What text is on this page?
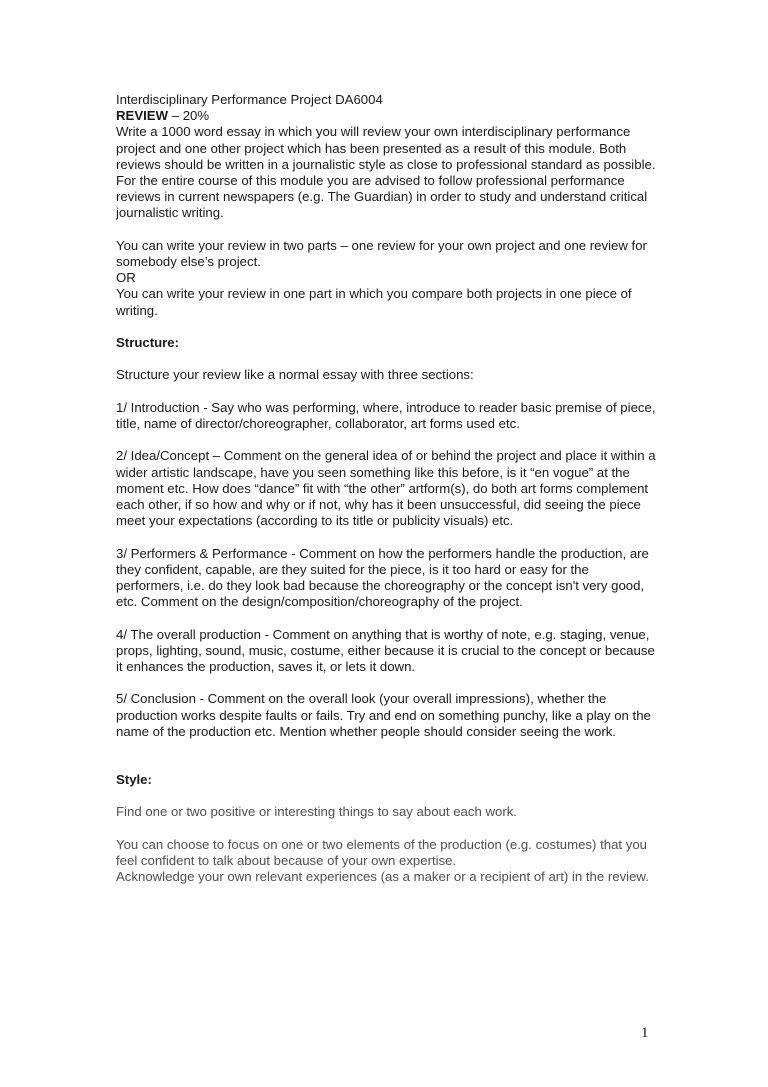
Interdisciplinary Performance Project DA6004

REVIEW – 20%

Write a 1000 word essay in which you will review your own interdisciplinary performance project and one other project which has been presented as a result of this module. Both reviews should be written in a journalistic style as close to professional standard as possible. For the entire course of this module you are advised to follow professional performance reviews in current newspapers (e.g. The Guardian) in order to study and understand critical journalistic writing.

You can write your review in two parts – one review for your own project and one review for somebody else’s project.

OR

You can write your review in one part in which you compare both projects in one piece of writing.

Structure:

Structure your review like a normal essay with three sections:

1/ Introduction - Say who was performing, where, introduce to reader basic premise of piece, title, name of director/choreographer, collaborator, art forms used etc.

2/ Idea/Concept – Comment on the general idea of or behind the project and place it within a wider artistic landscape, have you seen something like this before, is it “en vogue” at the moment etc. How does “dance” fit with “the other” artform(s), do both art forms complement each other, if so how and why or if not, why has it been unsuccessful, did seeing the piece meet your expectations (according to its title or publicity visuals) etc.

3/ Performers & Performance - Comment on how the performers handle the production, are they confident, capable, are they suited for the piece, is it too hard or easy for the performers, i.e. do they look bad because the choreography or the concept isn't very good, etc. Comment on the design/composition/choreography of the project.

4/ The overall production - Comment on anything that is worthy of note, e.g. staging, venue, props, lighting, sound, music, costume, either because it is crucial to the concept or because it enhances the production, saves it, or lets it down.

5/ Conclusion - Comment on the overall look (your overall impressions), whether the production works despite faults or fails. Try and end on something punchy, like a play on the name of the production etc. Mention whether people should consider seeing the work.

Style:

Find one or two positive or interesting things to say about each work.

You can choose to focus on one or two elements of the production (e.g. costumes) that you feel confident to talk about because of your own expertise.

Acknowledge your own relevant experiences (as a maker or a recipient of art) in the review.

1
